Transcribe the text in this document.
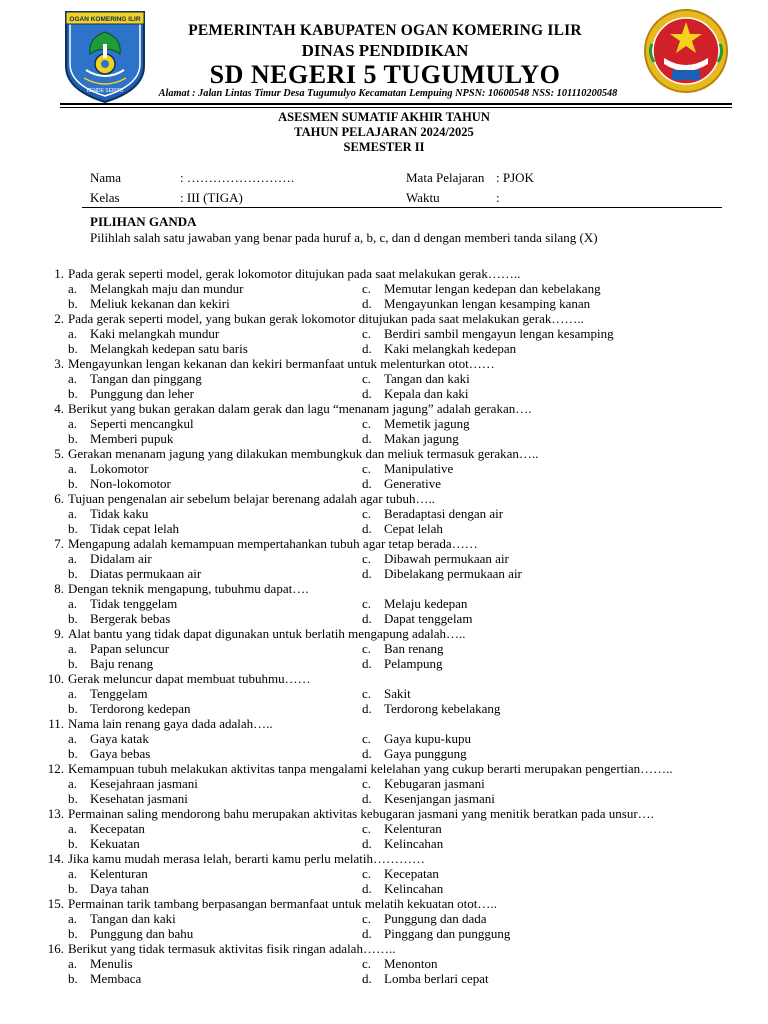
OGAN KOMERING ILIR
BENDE SEPITU
PEMERINTAH KABUPATEN OGAN KOMERING ILIR
DINAS PENDIDIKAN
SD NEGERI 5 TUGUMULYO
Alamat : Jalan Lintas Timur Desa Tugumulyo Kecamatan Lempuing NPSN: 10600548 NSS: 101110200548
ASESMEN SUMATIF AKHIR TAHUN
TAHUN PELAJARAN 2024/2025
SEMESTER II
Nama	: …………………….
Kelas	: III (TIGA)
Mata Pelajaran : PJOK
Waktu	:
PILIHAN GANDA
Pilihlah salah satu jawaban yang benar pada huruf a, b, c, dan d dengan memberi tanda silang (X)
1. Pada gerak seperti model, gerak lokomotor ditujukan pada saat melakukan gerak……..
a. Melangkah maju dan mundur
b. Meliuk kekanan dan kekiri
c. Memutar lengan kedepan dan kebelakang
d. Mengayunkan lengan kesamping kanan
2. Pada gerak seperti model, yang bukan gerak lokomotor ditujukan pada saat melakukan gerak……..
a. Kaki melangkah mundur
b. Melangkah kedepan satu baris
c. Berdiri sambil mengayun lengan kesamping
d. Kaki melangkah kedepan
3. Mengayunkan lengan kekanan dan kekiri bermanfaat untuk melenturkan otot……
a. Tangan dan pinggang
b. Punggung dan leher
c. Tangan dan kaki
d. Kepala dan kaki
4. Berikut yang bukan gerakan dalam gerak dan lagu “menanam jagung” adalah gerakan….
a. Seperti mencangkul
b. Memberi pupuk
c. Memetik jagung
d. Makan jagung
5. Gerakan menanam jagung yang dilakukan membungkuk dan meliuk termasuk gerakan…..
a. Lokomotor
b. Non-lokomotor
c. Manipulative
d. Generative
6. Tujuan pengenalan air sebelum belajar berenang adalah agar tubuh…..
a. Tidak kaku
b. Tidak cepat lelah
c. Beradaptasi dengan air
d. Cepat lelah
7. Mengapung adalah kemampuan mempertahankan tubuh agar tetap berada……
a. Didalam air
b. Diatas permukaan air
c. Dibawah permukaan air
d. Dibelakang permukaan air
8. Dengan teknik mengapung, tubuhmu dapat….
a. Tidak tenggelam
b. Bergerak bebas
c. Melaju kedepan
d. Dapat tenggelam
9. Alat bantu yang tidak dapat digunakan untuk berlatih mengapung adalah…..
a. Papan seluncur
b. Baju renang
c. Ban renang
d. Pelampung
10. Gerak meluncur dapat membuat tubuhmu……
a. Tenggelam
b. Terdorong kedepan
c. Sakit
d. Terdorong kebelakang
11. Nama lain renang gaya dada adalah…..
a. Gaya katak
b. Gaya bebas
c. Gaya kupu-kupu
d. Gaya punggung
12. Kemampuan tubuh melakukan aktivitas tanpa mengalami kelelahan yang cukup berarti merupakan pengertian……..
a. Kesejahraan jasmani
b. Kesehatan jasmani
c. Kebugaran jasmani
d. Kesenjangan jasmani
13. Permainan saling mendorong bahu merupakan aktivitas kebugaran jasmani yang menitik beratkan pada unsur….
a. Kecepatan
b. Kekuatan
c. Kelenturan
d. Kelincahan
14. Jika kamu mudah merasa lelah, berarti kamu perlu melatih…………
a. Kelenturan
b. Daya tahan
c. Kecepatan
d. Kelincahan
15. Permainan tarik tambang berpasangan bermanfaat untuk melatih kekuatan otot…..
a. Tangan dan kaki
b. Punggung dan bahu
c. Punggung dan dada
d. Pinggang dan punggung
16. Berikut yang tidak termasuk aktivitas fisik ringan adalah……..
a. Menulis
b. Membaca
c. Menonton
d. Lomba berlari cepat
